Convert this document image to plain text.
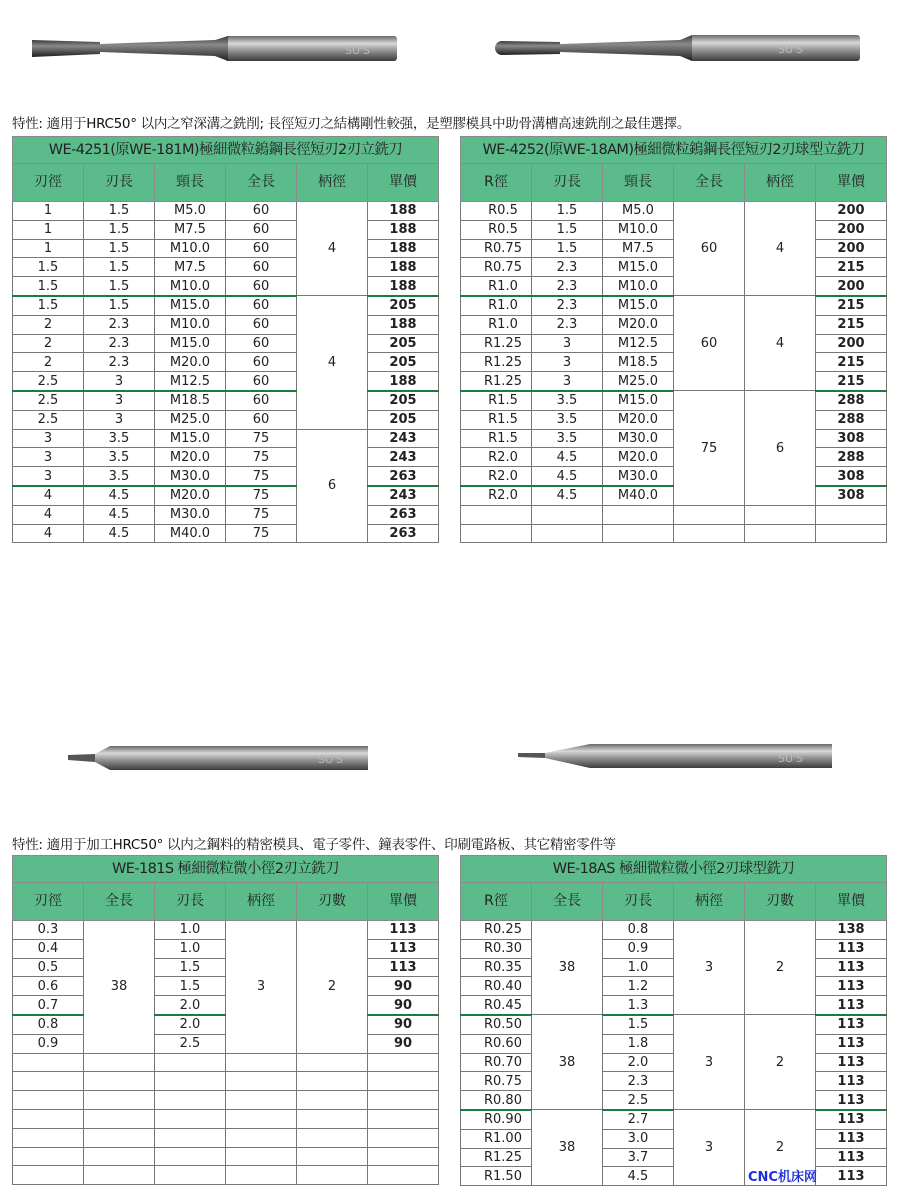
SU'S	SU'S
SU'S	SU'S
特性: 適用于HRC50° 以内之窄深溝之銑削; 長徑短刃之結構剛性較强，是塑膠模具中助骨溝槽高速銑削之最佳選擇。
特性: 適用于加工HRC50° 以内之鋼料的精密模具、電子零件、鐘表零件、印刷電路板、其它精密零件等
WE-4251(原WE-181M)極細微粒鎢鋼長徑短刃2刃立銑刀					
刃徑	刃長	頸長	全長	柄徑	單價
1	1.5	M5.0	60	4	188
1	1.5	M7.5	60		188
1	1.5	M10.0	60		188
1.5	1.5	M7.5	60		188
1.5	1.5	M10.0	60		188
1.5	1.5	M15.0	60	4	205
2	2.3	M10.0	60		188
2	2.3	M15.0	60		205
2	2.3	M20.0	60		205
2.5	3	M12.5	60		188
2.5	3	M18.5	60		205
2.5	3	M25.0	60		205
3	3.5	M15.0	75	6	243
3	3.5	M20.0	75		243
3	3.5	M30.0	75		263
4	4.5	M20.0	75		243
4	4.5	M30.0	75		263
4	4.5	M40.0	75		263
WE-4252(原WE-18AM)極細微粒鎢鋼長徑短刃2刃球型立銑刀					
R徑	刃長	頸長	全長	柄徑	單價
R0.5	1.5	M5.0	60	4	200
R0.5	1.5	M10.0			200
R0.75	1.5	M7.5			200
R0.75	2.3	M15.0			215
R1.0	2.3	M10.0			200
R1.0	2.3	M15.0	60	4	215
R1.0	2.3	M20.0			215
R1.25	3	M12.5			200
R1.25	3	M18.5			215
R1.25	3	M25.0			215
R1.5	3.5	M15.0	75	6	288
R1.5	3.5	M20.0			288
R1.5	3.5	M30.0			308
R2.0	4.5	M20.0			288
R2.0	4.5	M30.0			308
R2.0	4.5	M40.0			308

WE-181S 極細微粒微小徑2刃立銑刀					
刃徑	全長	刃長	柄徑	刃數	單價
0.3	38	1.0	3	2	113
0.4		1.0			113
0.5		1.5			113
0.6		1.5			90
0.7		2.0			90
0.8		2.0			90
0.9		2.5			90

WE-18AS 極細微粒微小徑2刃球型銑刀					
R徑	全長	刃長	柄徑	刃數	單價
R0.25	38	0.8	3	2	138
R0.30		0.9			113
R0.35		1.0			113
R0.40		1.2			113
R0.45		1.3			113
R0.50	38	1.5	3	2	113
R0.60		1.8			113
R0.70		2.0			113
R0.75		2.3			113
R0.80		2.5			113
R0.90	38	2.7	3	2	113
R1.00		3.0			113
R1.25		3.7			113
R1.50		4.5			113
CNC机床网
